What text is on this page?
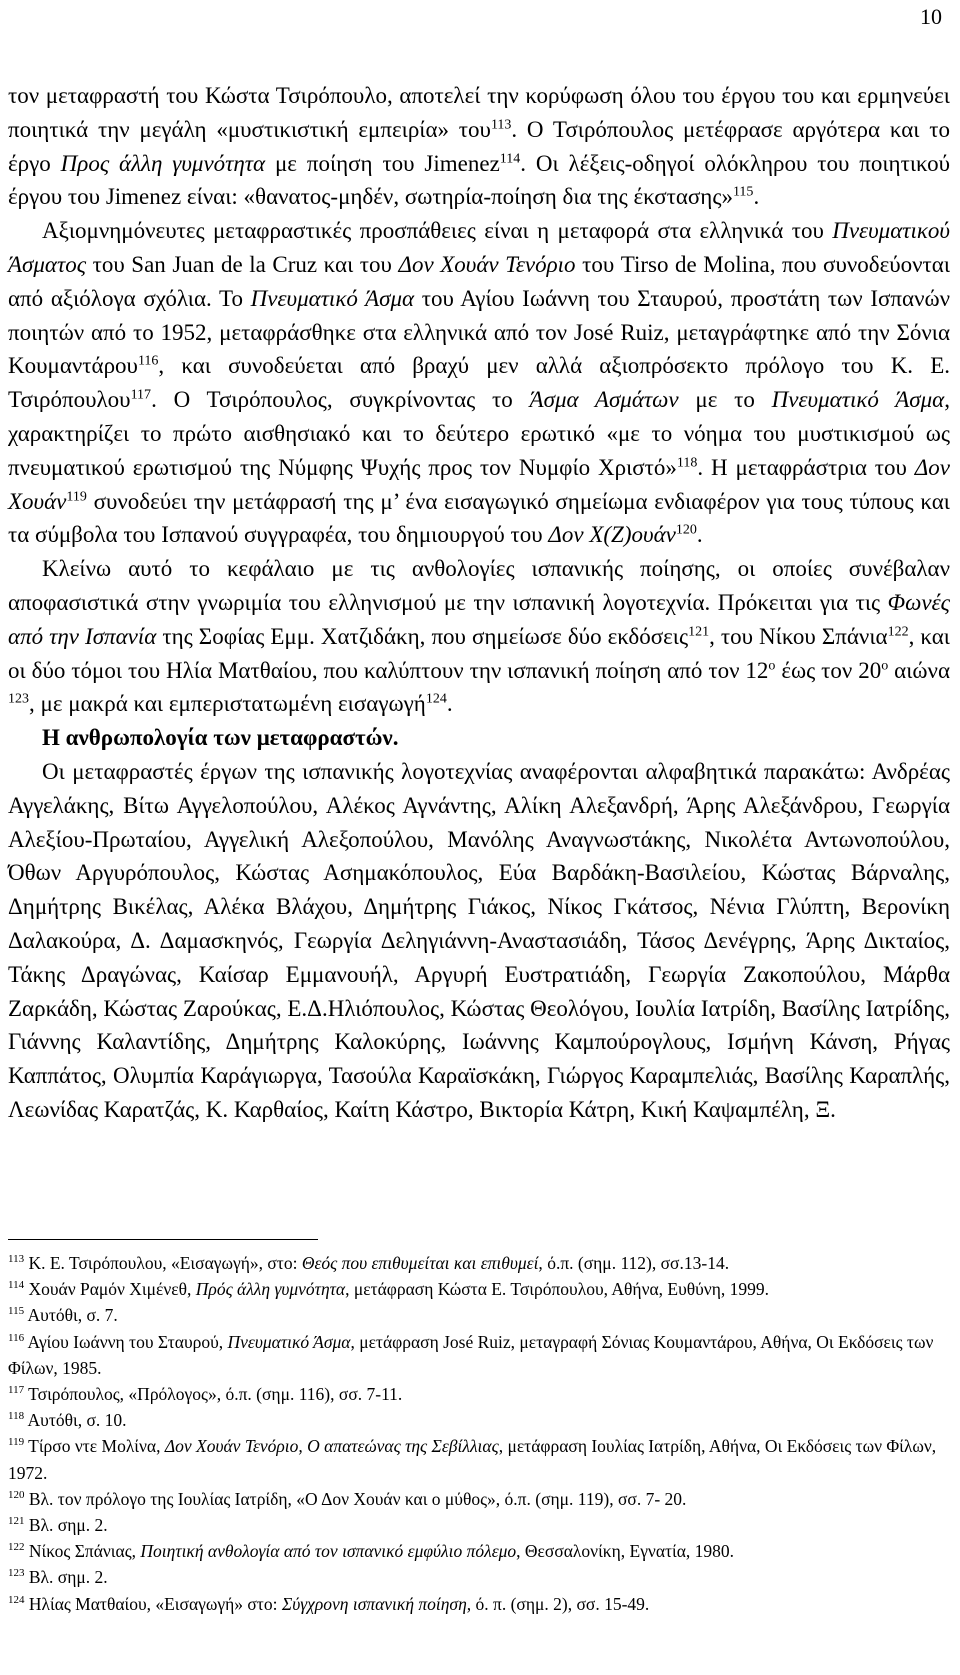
10

τον μεταφραστή του Κώστα Τσιρόπουλο, αποτελεί την κορύφωση όλου του έργου του και ερμηνεύει ποιητικά την μεγάλη «μυστικιστική εμπειρία» του$^{113}$. Ο Τσιρόπουλος μετέφρασε αργότερα και το έργο Προς άλλη γυμνότητα με ποίηση του Jimenez$^{114}$. Οι λέξεις-οδηγοί ολόκληρου του ποιητικού έργου του Jimenez είναι: «θανατος-μηδέν, σωτηρία-ποίηση δια της έκστασης»$^{115}$.

Αξιομνημόνευτες μεταφραστικές προσπάθειες είναι η μεταφορά στα ελληνικά του Πνευματικού Άσματος του San Juan de la Cruz και του Δον Χουάν Τενόριο του Tirso de Molina, που συνοδεύονται από αξιόλογα σχόλια. Το Πνευματικό Άσμα του Αγίου Ιωάννη του Σταυρού, προστάτη των Ισπανών ποιητών από το 1952, μεταφράσθηκε στα ελληνικά από τον José Ruiz, μεταγράφτηκε από την Σόνια Κουμαντάρου$^{116}$, και συνοδεύεται από βραχύ μεν αλλά αξιοπρόσεκτο πρόλογο του Κ. Ε. Τσιρόπουλου$^{117}$. Ο Τσιρόπουλος, συγκρίνοντας το Άσμα Ασμάτων με το Πνευματικό Άσμα, χαρακτηρίζει το πρώτο αισθησιακό και το δεύτερο ερωτικό «με το νόημα του μυστικισμού ως πνευματικού ερωτισμού της Νύμφης Ψυχής προς τον Νυμφίο Χριστό»$^{118}$. Η μεταφράστρια του Δον Χουάν$^{119}$ συνοδεύει την μετάφρασή της μ’ ένα εισαγωγικό σημείωμα ενδιαφέρον για τους τύπους και τα σύμβολα του Ισπανού συγγραφέα, του δημιουργού του Δον Χ(Ζ)ουάν$^{120}$.

Κλείνω αυτό το κεφάλαιο με τις ανθολογίες ισπανικής ποίησης, οι οποίες συνέβαλαν αποφασιστικά στην γνωριμία του ελληνισμού με την ισπανική λογοτεχνία. Πρόκειται για τις Φωνές από την Ισπανία της Σοφίας Εμμ. Χατζιδάκη, που σημείωσε δύο εκδόσεις$^{121}$, του Νίκου Σπάνια$^{122}$, και οι δύο τόμοι του Ηλία Ματθαίου, που καλύπτουν την ισπανική ποίηση από τον $12^o$ έως τον $20^o$ αιώνα $^{123}$, με μακρά και εμπεριστατωμένη εισαγωγή$^{124}$.

Η ανθρωπολογία των μεταφραστών.

Οι μεταφραστές έργων της ισπανικής λογοτεχνίας αναφέρονται αλφαβητικά παρακάτω: Ανδρέας Αγγελάκης, Βίτω Αγγελοπούλου, Αλέκος Αγνάντης, Αλίκη Αλεξανδρή, Άρης Αλεξάνδρου, Γεωργία Αλεξίου-Πρωταίου, Αγγελική Αλεξοπούλου, Μανόλης Αναγνωστάκης, Νικολέτα Αντωνοπούλου, Όθων Αργυρόπουλος, Κώστας Ασημακόπουλος, Εύα Βαρδάκη-Βασιλείου, Κώστας Βάρναλης, Δημήτρης Βικέλας, Αλέκα Βλάχου, Δημήτρης Γιάκος, Νίκος Γκάτσος, Νένια Γλύπτη, Βερονίκη Δαλακούρα, Δ. Δαμασκηνός, Γεωργία Δεληγιάννη-Αναστασιάδη, Τάσος Δενέγρης, Άρης Δικταίος, Τάκης Δραγώνας, Καίσαρ Εμμανουήλ, Αργυρή Ευστρατιάδη, Γεωργία Ζακοπούλου, Μάρθα Ζαρκάδη, Κώστας Ζαρούκας, Ε.Δ.Ηλιόπουλος, Κώστας Θεολόγου, Ιουλία Ιατρίδη, Βασίλης Ιατρίδης, Γιάννης Καλαντίδης, Δημήτρης Καλοκύρης, Ιωάννης Καμπούρογλους, Ισμήνη Κάνση, Ρήγας Καππάτος, Ολυμπία Καράγιωργα, Τασούλα Καραϊσκάκη, Γιώργος Καραμπελιάς, Βασίλης Καραπλής, Λεωνίδας Καρατζάς, Κ. Καρθαίος, Καίτη Κάστρο, Βικτορία Κάτρη, Κική Καψαμπέλη, Ξ.

$^{113}$ Κ. Ε. Τσιρόπουλου, «Εισαγωγή», στο: Θεός που επιθυμείται και επιθυμεί, ό.π. (σημ. 112), σσ.13-14.

$^{114}$ Χουάν Ραμόν Χιμένεθ, Πρός άλλη γυμνότητα, μετάφραση Κώστα Ε. Τσιρόπουλου, Αθήνα, Ευθύνη, 1999.

$^{115}$ Αυτόθι, σ. 7.

$^{116}$ Αγίου Ιωάννη του Σταυρού, Πνευματικό Άσμα, μετάφραση José Ruiz, μεταγραφή Σόνιας Κουμαντάρου, Αθήνα, Οι Εκδόσεις των Φίλων, 1985.

$^{117}$ Τσιρόπουλος, «Πρόλογος», ό.π. (σημ. 116), σσ. 7-11.

$^{118}$ Αυτόθι, σ. 10.

$^{119}$ Τίρσο ντε Μολίνα, Δον Χουάν Τενόριο, Ο απατεώνας της Σεβίλλιας, μετάφραση Ιουλίας Ιατρίδη, Αθήνα, Οι Εκδόσεις των Φίλων, 1972.

$^{120}$ Βλ. τον πρόλογο της Ιουλίας Ιατρίδη, «Ο Δον Χουάν και ο μύθος», ό.π. (σημ. 119), σσ. 7- 20.

$^{121}$ Βλ. σημ. 2.

$^{122}$ Νίκος Σπάνιας, Ποιητική ανθολογία από τον ισπανικό εμφύλιο πόλεμο, Θεσσαλονίκη, Εγνατία, 1980.

$^{123}$ Βλ. σημ. 2.

$^{124}$ Ηλίας Ματθαίου, «Εισαγωγή» στο: Σύγχρονη ισπανική ποίηση, ό. π. (σημ. 2), σσ. 15-49.
